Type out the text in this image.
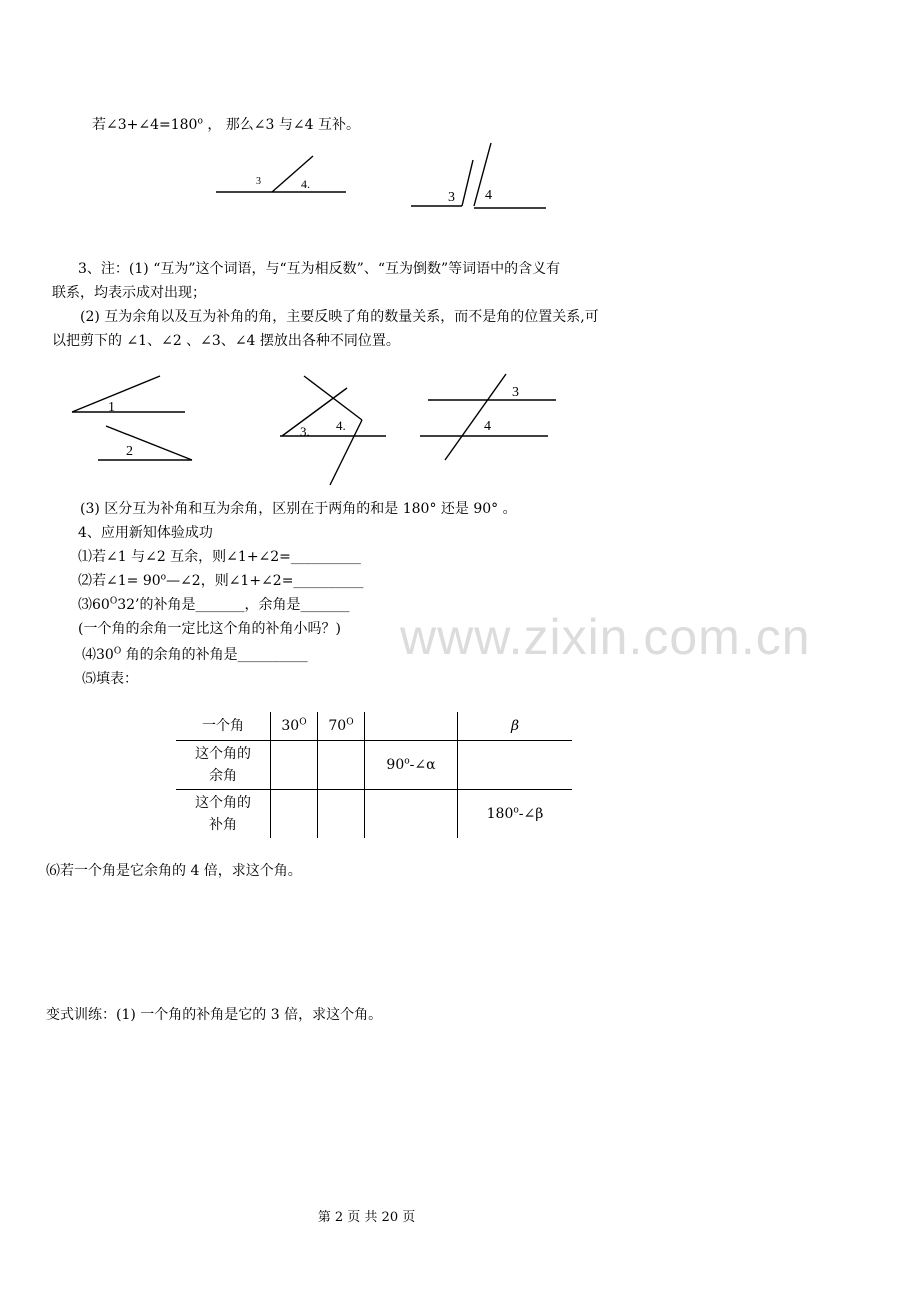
若$\angle 3+\angle 4=180^o$ ， 那么∠3 与∠4 互补。
3	4.
3 4
3、注：(1) “互为”这个词语，与“互为相反数”、“互为倒数”等词语中的含义有
联系，均表示成对出现；
(2) 互为余角以及互为补角的角，主要反映了角的数量关系，而不是角的位置关系,可
以把剪下的 ∠1、∠2 、∠3、∠4 摆放出各种不同位置。
1
2
3. 4.
3
4
(3) 区分互为补角和互为余角，区别在于两角的和是 180° 还是 90° 。
4、应用新知体验成功
⑴若∠1 与∠2 互余，则∠1+∠2=__________
⑵若∠1= $90^o—\angle 2$，则∠1+∠2=__________
$⑶60^O32$’的补角是_______，余角是_______
(一个角的余角一定比这个角的补角小吗？)
$⑷30^O$ 角的余角的补角是__________
⑸填表：
www.zixin.com.cn
一个角	$30^O$	$70^O$		β
这个角的
余角			90$^o$-∠α	
这个角的
补角				180$^o$-∠β
⑹若一个角是它余角的 4 倍，求这个角。
变式训练：(1) 一个角的补角是它的 3 倍，求这个角。
第 2 页 共 20 页
